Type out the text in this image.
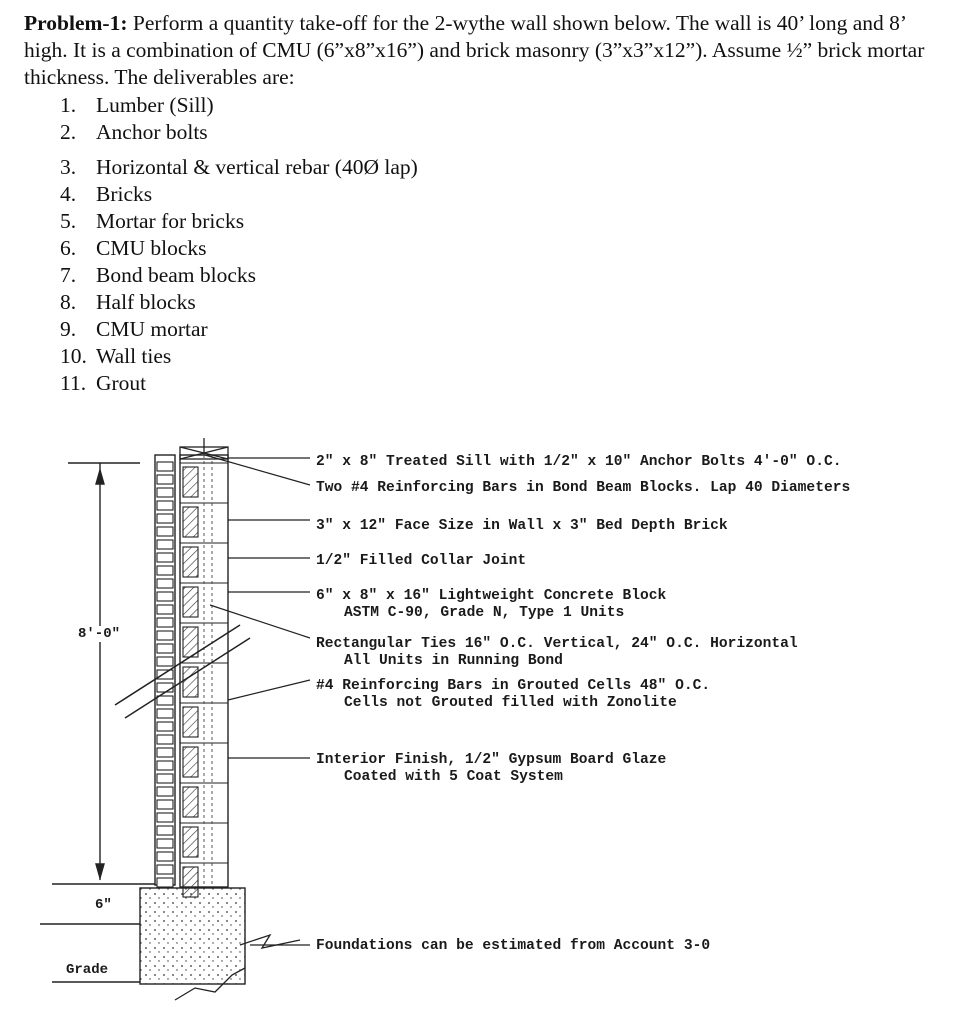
Problem-1: Perform a quantity take-off for the 2-wythe wall shown below. The wall is 40’ long and 8’ high. It is a combination of CMU (6”x8”x16”) and brick masonry (3”x3”x12”). Assume ½” brick mortar thickness. The deliverables are:
1. Lumber (Sill)
2. Anchor bolts
3. Horizontal & vertical rebar (40Ø lap)
4. Bricks
5. Mortar for bricks
6. CMU blocks
7. Bond beam blocks
8. Half blocks
9. CMU mortar
10. Wall ties
11. Grout
8'-0"
6"
Grade
2" x 8" Treated Sill with 1/2" x 10" Anchor Bolts 4'-0" O.C.
Two #4 Reinforcing Bars in Bond Beam Blocks. Lap 40 Diameters
3" x 12" Face Size in Wall x 3" Bed Depth Brick
1/2" Filled Collar Joint
6" x 8" x 16" Lightweight Concrete Block
ASTM C-90, Grade N, Type 1 Units
Rectangular Ties 16" O.C. Vertical, 24" O.C. Horizontal
All Units in Running Bond
#4 Reinforcing Bars in Grouted Cells 48" O.C.
Cells not Grouted filled with Zonolite
Interior Finish, 1/2" Gypsum Board Glaze
Coated with 5 Coat System
Foundations can be estimated from Account 3-0
